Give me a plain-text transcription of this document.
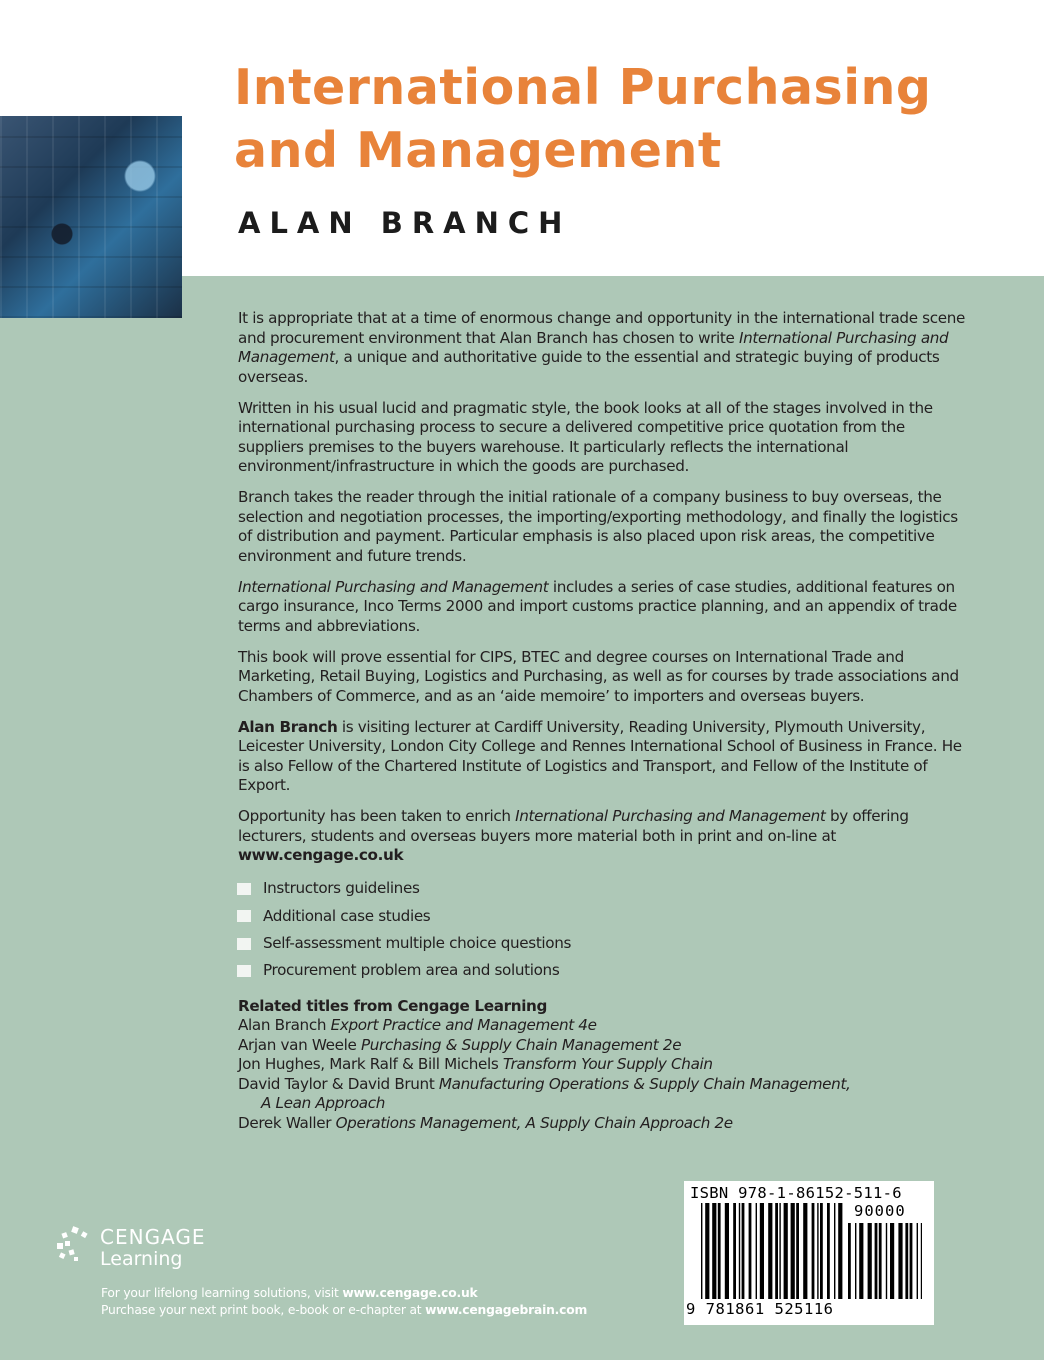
International Purchasing
and Management
ALAN BRANCH

It is appropriate that at a time of enormous change and opportunity in the international trade scene and procurement environment that Alan Branch has chosen to write International Purchasing and Management, a unique and authoritative guide to the essential and strategic buying of products overseas.

Written in his usual lucid and pragmatic style, the book looks at all of the stages involved in the international purchasing process to secure a delivered competitive price quotation from the suppliers premises to the buyers warehouse. It particularly reflects the international environment/infrastructure in which the goods are purchased.

Branch takes the reader through the initial rationale of a company business to buy overseas, the selection and negotiation processes, the importing/exporting methodology, and finally the logistics of distribution and payment. Particular emphasis is also placed upon risk areas, the competitive environment and future trends.

International Purchasing and Management includes a series of case studies, additional features on cargo insurance, Inco Terms 2000 and import customs practice planning, and an appendix of trade terms and abbreviations.

This book will prove essential for CIPS, BTEC and degree courses on International Trade and Marketing, Retail Buying, Logistics and Purchasing, as well as for courses by trade associations and Chambers of Commerce, and as an ‘aide memoire’ to importers and overseas buyers.

Alan Branch is visiting lecturer at Cardiff University, Reading University, Plymouth University, Leicester University, London City College and Rennes International School of Business in France. He is also Fellow of the Chartered Institute of Logistics and Transport, and Fellow of the Institute of Export.

Opportunity has been taken to enrich International Purchasing and Management by offering lecturers, students and overseas buyers more material both in print and on-line at
www.cengage.co.uk

Instructors guidelines
Additional case studies
Self-assessment multiple choice questions
Procurement problem area and solutions
Related titles from Cengage Learning
Alan Branch Export Practice and Management 4e
Arjan van Weele Purchasing & Supply Chain Management 2e
Jon Hughes, Mark Ralf & Bill Michels Transform Your Supply Chain
David Taylor & David Brunt Manufacturing Operations & Supply Chain Management,
A Lean Approach
Derek Waller Operations Management, A Supply Chain Approach 2e
CENGAGE
Learning
For your lifelong learning solutions, visit www.cengage.co.uk
Purchase your next print book, e-book or e-chapter at www.cengagebrain.com
ISBN 978-1-86152-511-6
90000
9 781861 525116
